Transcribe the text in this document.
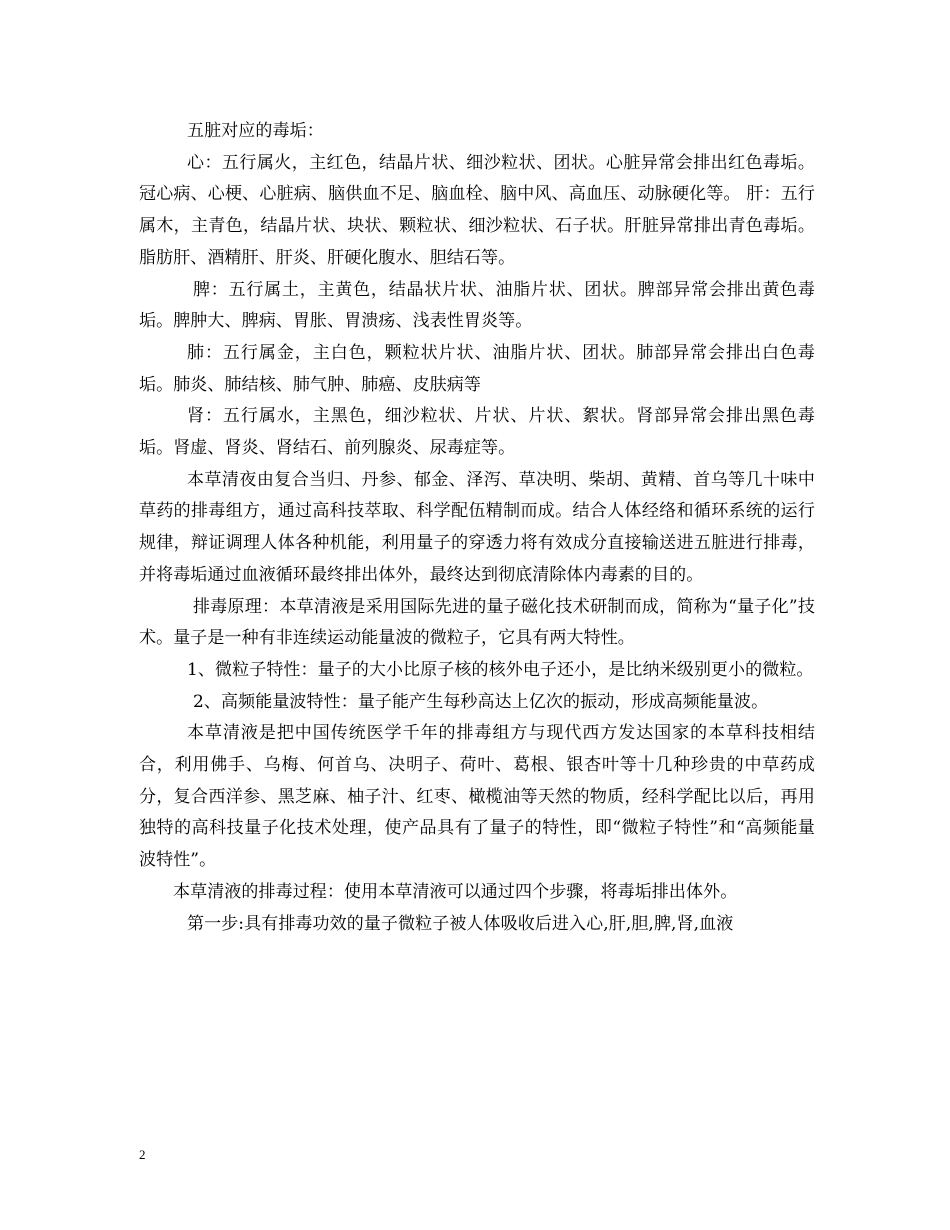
五脏对应的毒垢：

心：五行属火，主红色，结晶片状、细沙粒状、团状。心脏异常会排出红色毒垢。冠心病、心梗、心脏病、脑供血不足、脑血栓、脑中风、高血压、动脉硬化等。 肝：五行属木，主青色，结晶片状、块状、颗粒状、细沙粒状、石子状。肝脏异常排出青色毒垢。脂肪肝、酒精肝、肝炎、肝硬化腹水、胆结石等。

脾：五行属土，主黄色，结晶状片状、油脂片状、团状。脾部异常会排出黄色毒垢。脾肿大、脾病、胃胀、胃溃疡、浅表性胃炎等。

肺：五行属金，主白色，颗粒状片状、油脂片状、团状。肺部异常会排出白色毒垢。肺炎、肺结核、肺气肿、肺癌、皮肤病等

肾：五行属水，主黑色，细沙粒状、片状、片状、絮状。肾部异常会排出黑色毒垢。肾虚、肾炎、肾结石、前列腺炎、尿毒症等。

本草清夜由复合当归、丹参、郁金、泽泻、草决明、柴胡、黄精、首乌等几十味中草药的排毒组方，通过高科技萃取、科学配伍精制而成。结合人体经络和循环系统的运行规律，辩证调理人体各种机能，利用量子的穿透力将有效成分直接输送进五脏进行排毒，并将毒垢通过血液循环最终排出体外，最终达到彻底清除体内毒素的目的。

排毒原理：本草清液是采用国际先进的量子磁化技术研制而成，简称为“量子化”技术。量子是一种有非连续运动能量波的微粒子，它具有两大特性。

1、微粒子特性：量子的大小比原子核的核外电子还小，是比纳米级别更小的微粒。

2、高频能量波特性：量子能产生每秒高达上亿次的振动，形成高频能量波。

本草清液是把中国传统医学千年的排毒组方与现代西方发达国家的本草科技相结合，利用佛手、乌梅、何首乌、决明子、荷叶、葛根、银杏叶等十几种珍贵的中草药成分，复合西洋参、黑芝麻、柚子汁、红枣、橄榄油等天然的物质，经科学配比以后，再用独特的高科技量子化技术处理，使产品具有了量子的特性，即“微粒子特性”和“高频能量波特性”。

本草清液的排毒过程：使用本草清液可以通过四个步骤，将毒垢排出体外。

第一步:具有排毒功效的量子微粒子被人体吸收后进入心,肝,胆,脾,肾,血液

2
